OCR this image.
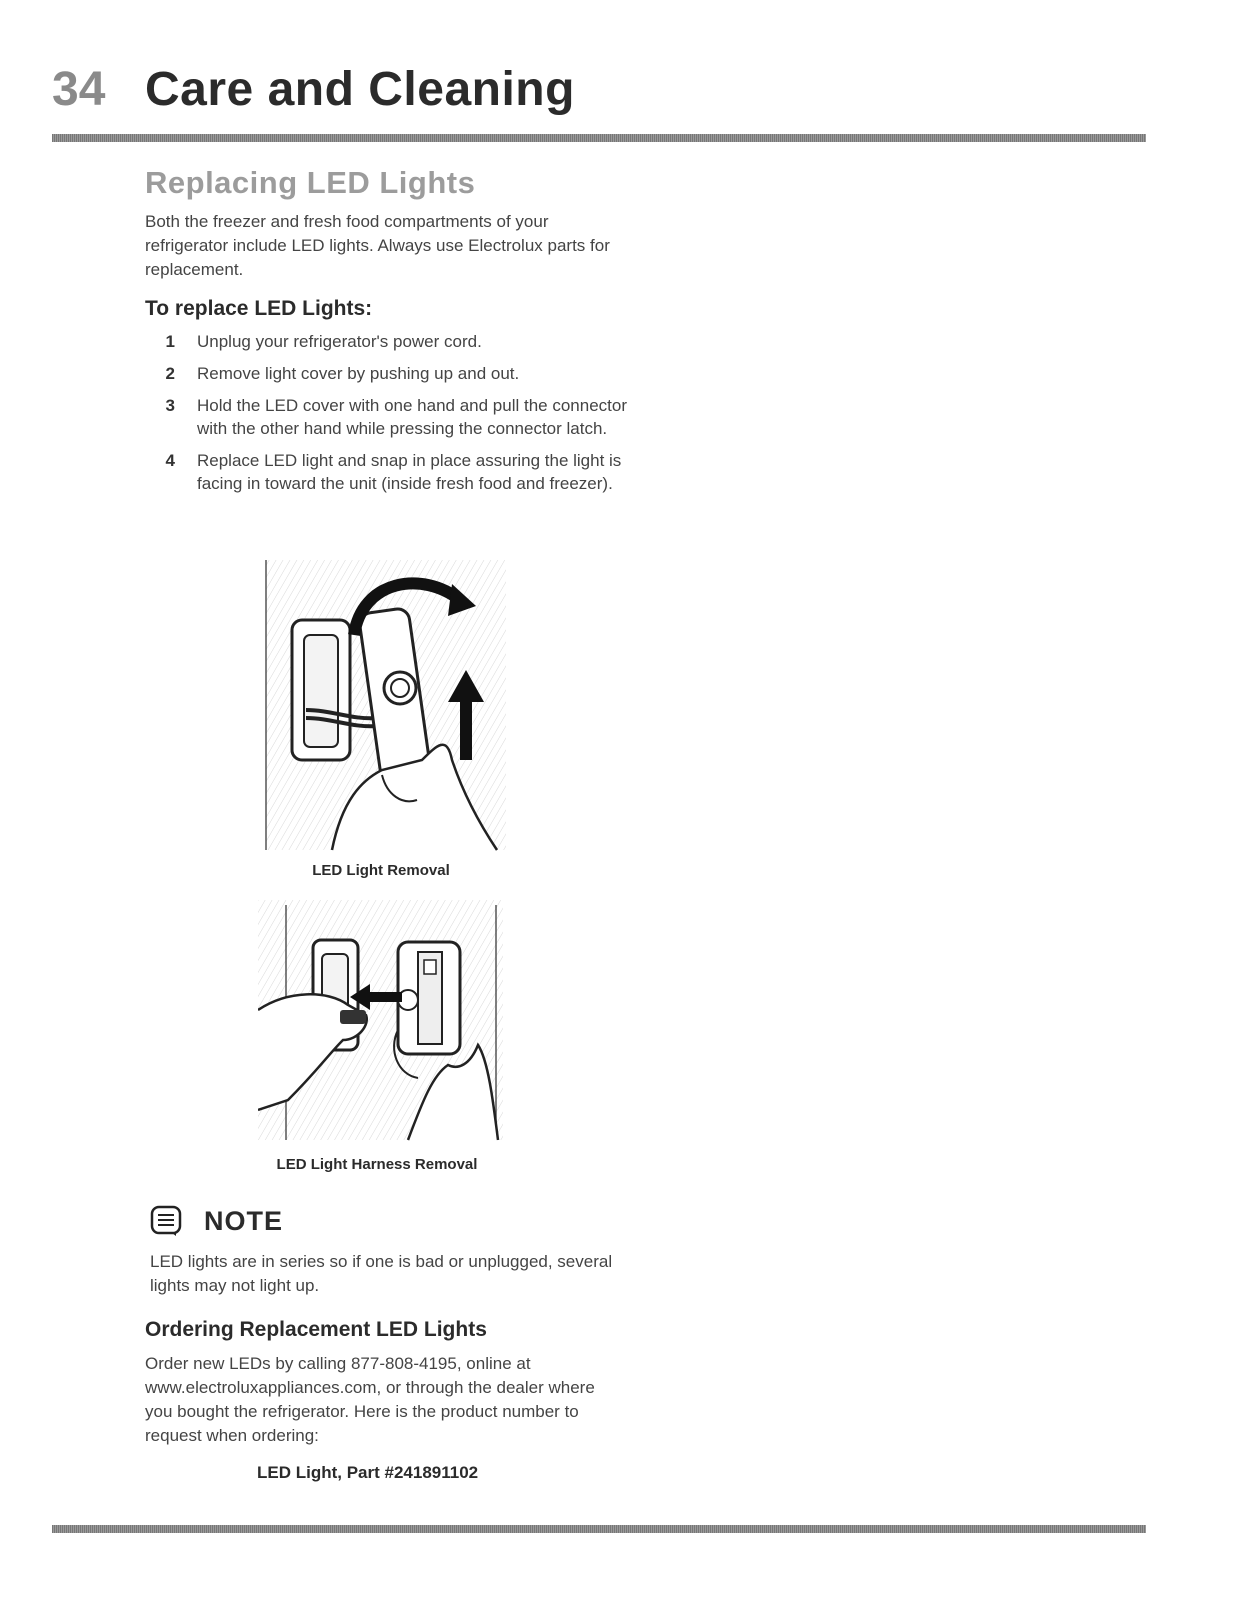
34 Care and Cleaning
Replacing LED Lights

Both the freezer and fresh food compartments of your refrigerator include LED lights. Always use Electrolux parts for replacement.

To replace LED Lights:
1	Unplug your refrigerator's power cord.
2	Remove light cover by pushing up and out.
3	Hold the LED cover with one hand and pull the connector with the other hand while pressing the connector latch.
4	Replace LED light and snap in place assuring the light is facing in toward the unit (inside fresh food and freezer).
LED Light Removal
LED Light Harness Removal
NOTE

LED lights are in series so if one is bad or unplugged, several lights may not light up.

Ordering Replacement LED Lights

Order new LEDs by calling 877-808-4195, online at www.electroluxappliances.com, or through the dealer where you bought the refrigerator. Here is the product number to request when ordering:

LED Light, Part #241891102
